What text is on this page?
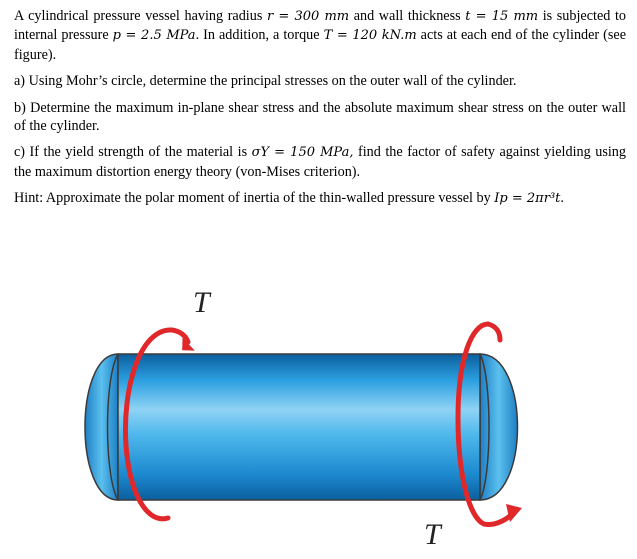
A cylindrical pressure vessel having radius r = 300 mm and wall thickness t = 15 mm is subjected to internal pressure p = 2.5 MPa. In addition, a torque T = 120 kN.m acts at each end of the cylinder (see figure).

a) Using Mohr’s circle, determine the principal stresses on the outer wall of the cylinder.

b) Determine the maximum in-plane shear stress and the absolute maximum shear stress on the outer wall of the cylinder.

c) If the yield strength of the material is σY = 150 MPa, find the factor of safety against yielding using the maximum distortion energy theory (von-Mises criterion).

Hint: Approximate the polar moment of inertia of the thin-walled pressure vessel by Ip = 2πr³t.

T
T
